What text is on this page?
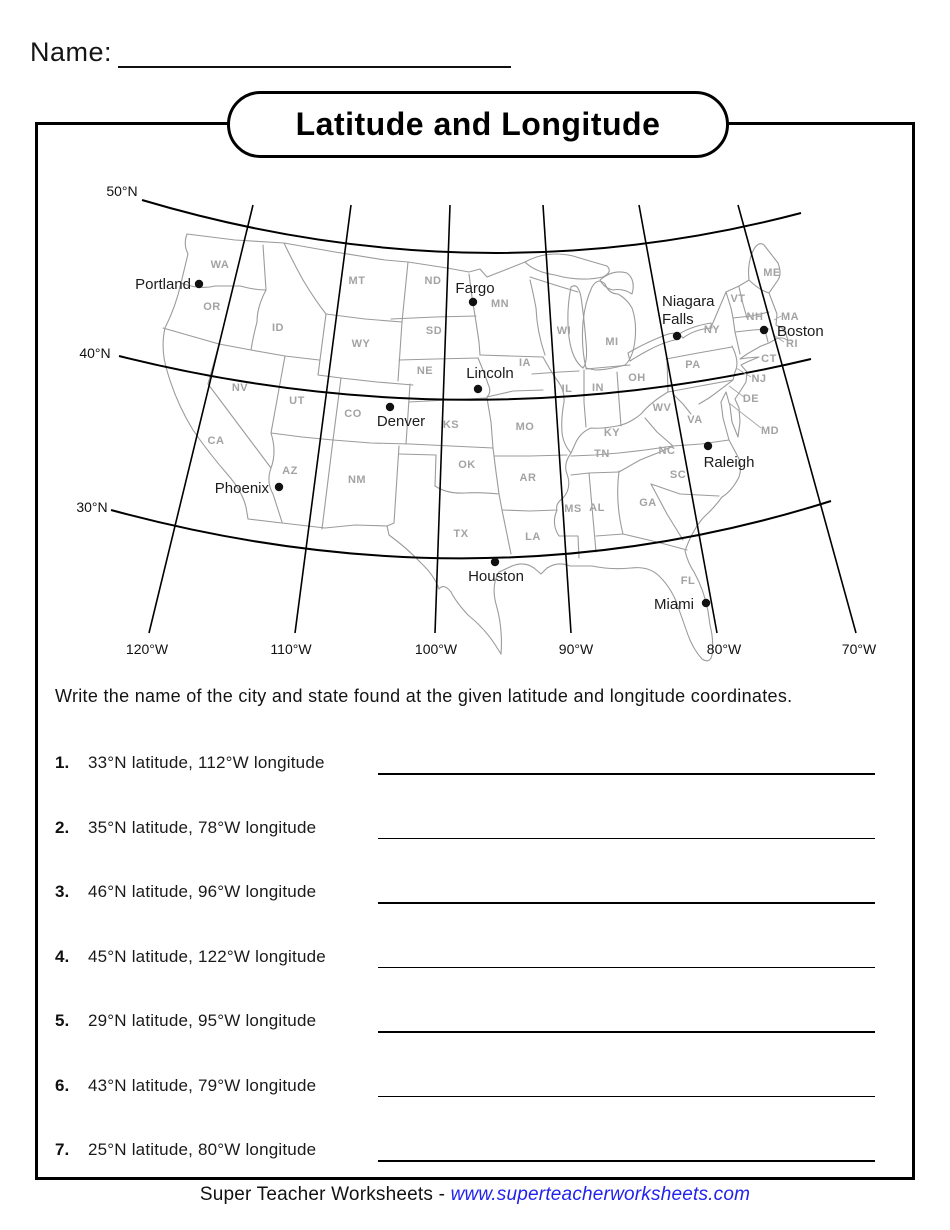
Name:
Latitude and Longitude
120°W	110°W	100°W	90°W	80°W	70°W
50°N
40°N
30°N
WA
OR
CA
ID
NV
UT
AZ
MT
WY
CO
NM
ND
SD
NE
KS
OK
TX
MN
IA
MO
AR
LA
WI
IL IN
MI
OH
KY
TN
MS AL	GA
WV
VA
NC
SC
FL
PA
NY
NJ
DE
MD
ME
VT
NH MA
RI
CT
Portland	Fargo
Niagara
Falls
Boston
Lincoln
Denver
Raleigh
Phoenix
Houston
Miami

Write the name of the city and state found at the given latitude and longitude coordinates.

1. 33°N latitude, 112°W longitude
2. 35°N latitude, 78°W longitude
3. 46°N latitude, 96°W longitude
4. 45°N latitude, 122°W longitude
5. 29°N latitude, 95°W longitude
6. 43°N latitude, 79°W longitude
7. 25°N latitude, 80°W longitude
Super Teacher Worksheets - www.superteacherworksheets.com
